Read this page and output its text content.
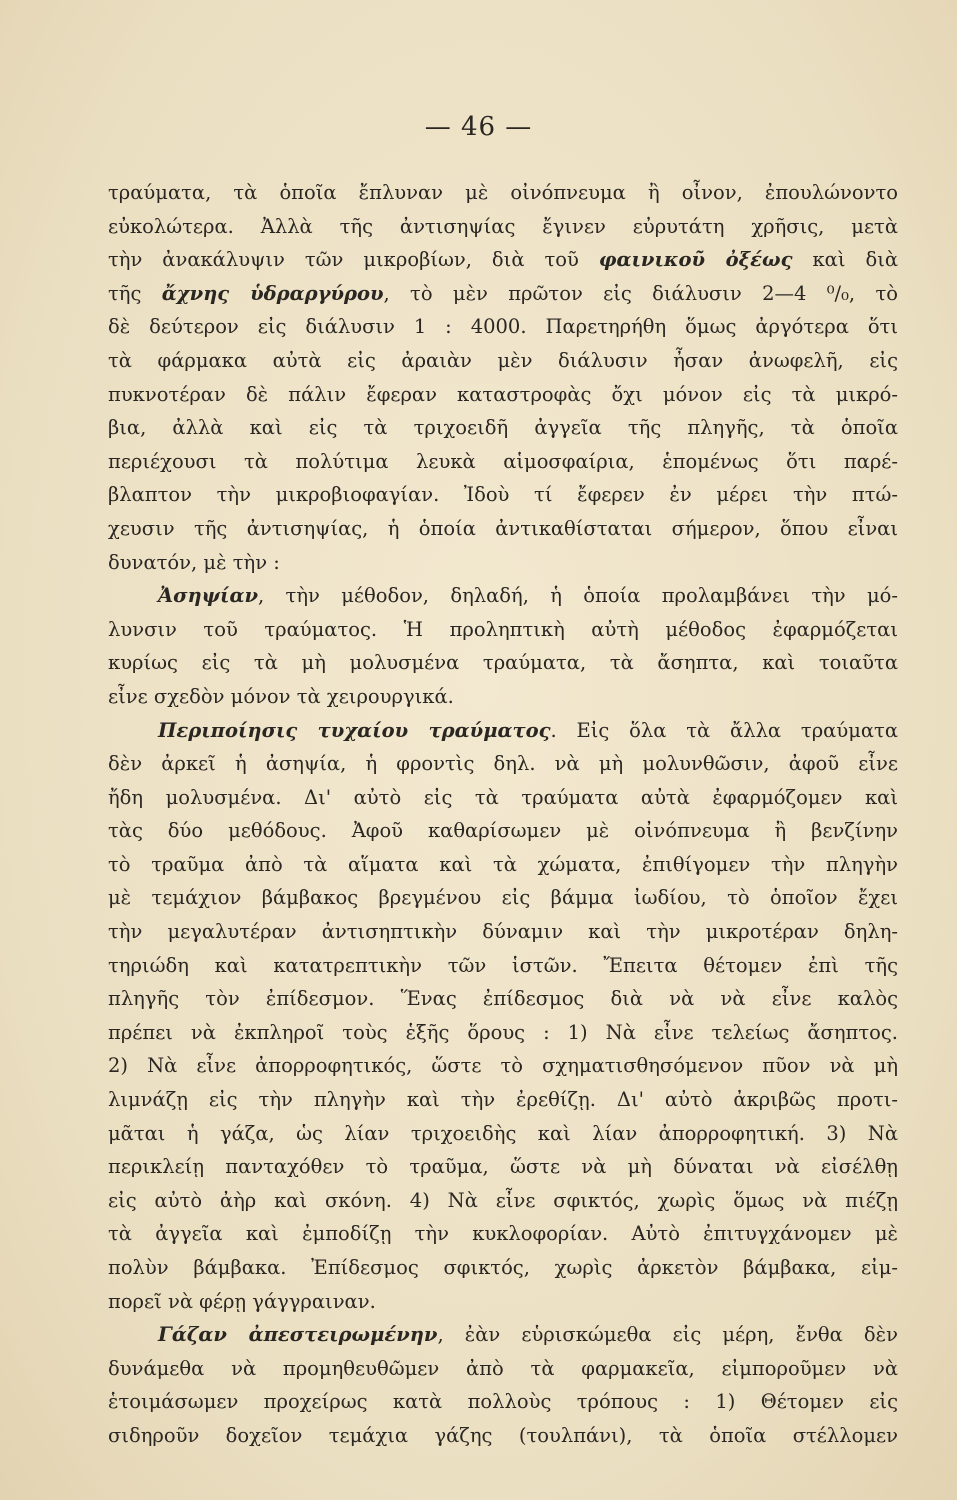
— 46 —
τραύματα, τὰ ὁποῖα ἔπλυναν μὲ οἰνόπνευμα ἢ οἶνον, ἐπουλώνοντο
εὐκολώτερα. Ἀλλὰ τῆς ἀντισηψίας ἔγινεν εὐρυτάτη χρῆσις, μετὰ
τὴν ἀνακάλυψιν τῶν μικροβίων, διὰ τοῦ φαινικοῦ ὀξέως καὶ διὰ
τῆς ἄχνης ὑδραργύρου, τὸ μὲν πρῶτον εἰς διάλυσιν 2—4 ⁰/₀, τὸ
δὲ δεύτερον εἰς διάλυσιν 1 : 4000. Παρετηρήθη ὅμως ἀργότερα ὅτι
τὰ φάρμακα αὐτὰ εἰς ἀραιὰν μὲν διάλυσιν ἦσαν ἀνωφελῆ, εἰς
πυκνοτέραν δὲ πάλιν ἔφεραν καταστροφὰς ὄχι μόνον εἰς τὰ μικρό-
βια, ἀλλὰ καὶ εἰς τὰ τριχοειδῆ ἀγγεῖα τῆς πληγῆς, τὰ ὁποῖα
περιέχουσι τὰ πολύτιμα λευκὰ αἱμοσφαίρια, ἑπομένως ὅτι παρέ-
βλαπτον τὴν μικροβιοφαγίαν. Ἰδοὺ τί ἔφερεν ἐν μέρει τὴν πτώ-
χευσιν τῆς ἀντισηψίας, ἡ ὁποία ἀντικαθίσταται σήμερον, ὅπου εἶναι
δυνατόν, μὲ τὴν :
Ἀσηψίαν, τὴν μέθοδον, δηλαδή, ἡ ὁποία προλαμβάνει τὴν μό-
λυνσιν τοῦ τραύματος. Ἡ προληπτικὴ αὐτὴ μέθοδος ἐφαρμόζεται
κυρίως εἰς τὰ μὴ μολυσμένα τραύματα, τὰ ἄσηπτα, καὶ τοιαῦτα
εἶνε σχεδὸν μόνον τὰ χειρουργικά.
Περιποίησις τυχαίου τραύματος. Εἰς ὅλα τὰ ἄλλα τραύματα
δὲν ἀρκεῖ ἡ ἀσηψία, ἡ φροντὶς δηλ. νὰ μὴ μολυνθῶσιν, ἀφοῦ εἶνε
ἤδη μολυσμένα. Δι' αὐτὸ εἰς τὰ τραύματα αὐτὰ ἐφαρμόζομεν καὶ
τὰς δύο μεθόδους. Ἀφοῦ καθαρίσωμεν μὲ οἰνόπνευμα ἢ βενζίνην
τὸ τραῦμα ἀπὸ τὰ αἵματα καὶ τὰ χώματα, ἐπιθίγομεν τὴν πληγὴν
μὲ τεμάχιον βάμβακος βρεγμένου εἰς βάμμα ἰωδίου, τὸ ὁποῖον ἔχει
τὴν μεγαλυτέραν ἀντισηπτικὴν δύναμιν καὶ τὴν μικροτέραν δηλη-
τηριώδη καὶ κατατρεπτικὴν τῶν ἱστῶν. Ἔπειτα θέτομεν ἐπὶ τῆς
πληγῆς τὸν ἐπίδεσμον. Ἕνας ἐπίδεσμος διὰ νὰ νὰ εἶνε καλὸς
πρέπει νὰ ἐκπληροῖ τοὺς ἑξῆς ὅρους : 1) Νὰ εἶνε τελείως ἄσηπτος.
2) Νὰ εἶνε ἀπορροφητικός, ὥστε τὸ σχηματισθησόμενον πῦον νὰ μὴ
λιμνάζῃ εἰς τὴν πληγὴν καὶ τὴν ἐρεθίζῃ. Δι' αὐτὸ ἀκριβῶς προτι-
μᾶται ἡ γάζα, ὡς λίαν τριχοειδὴς καὶ λίαν ἀπορροφητική. 3) Νὰ
περικλείῃ πανταχόθεν τὸ τραῦμα, ὥστε νὰ μὴ δύναται νὰ εἰσέλθῃ
εἰς αὐτὸ ἀὴρ καὶ σκόνη. 4) Νὰ εἶνε σφικτός, χωρὶς ὅμως νὰ πιέζῃ
τὰ ἀγγεῖα καὶ ἐμποδίζῃ τὴν κυκλοφορίαν. Αὐτὸ ἐπιτυγχάνομεν μὲ
πολὺν βάμβακα. Ἐπίδεσμος σφικτός, χωρὶς ἀρκετὸν βάμβακα, εἰμ-
πορεῖ νὰ φέρῃ γάγγραιναν.
Γάζαν ἀπεστειρωμένην, ἐὰν εὑρισκώμεθα εἰς μέρη, ἔνθα δὲν
δυνάμεθα νὰ προμηθευθῶμεν ἀπὸ τὰ φαρμακεῖα, εἰμποροῦμεν νὰ
ἑτοιμάσωμεν προχείρως κατὰ πολλοὺς τρόπους : 1) Θέτομεν εἰς
σιδηροῦν δοχεῖον τεμάχια γάζης (τουλπάνι), τὰ ὁποῖα στέλλομεν
